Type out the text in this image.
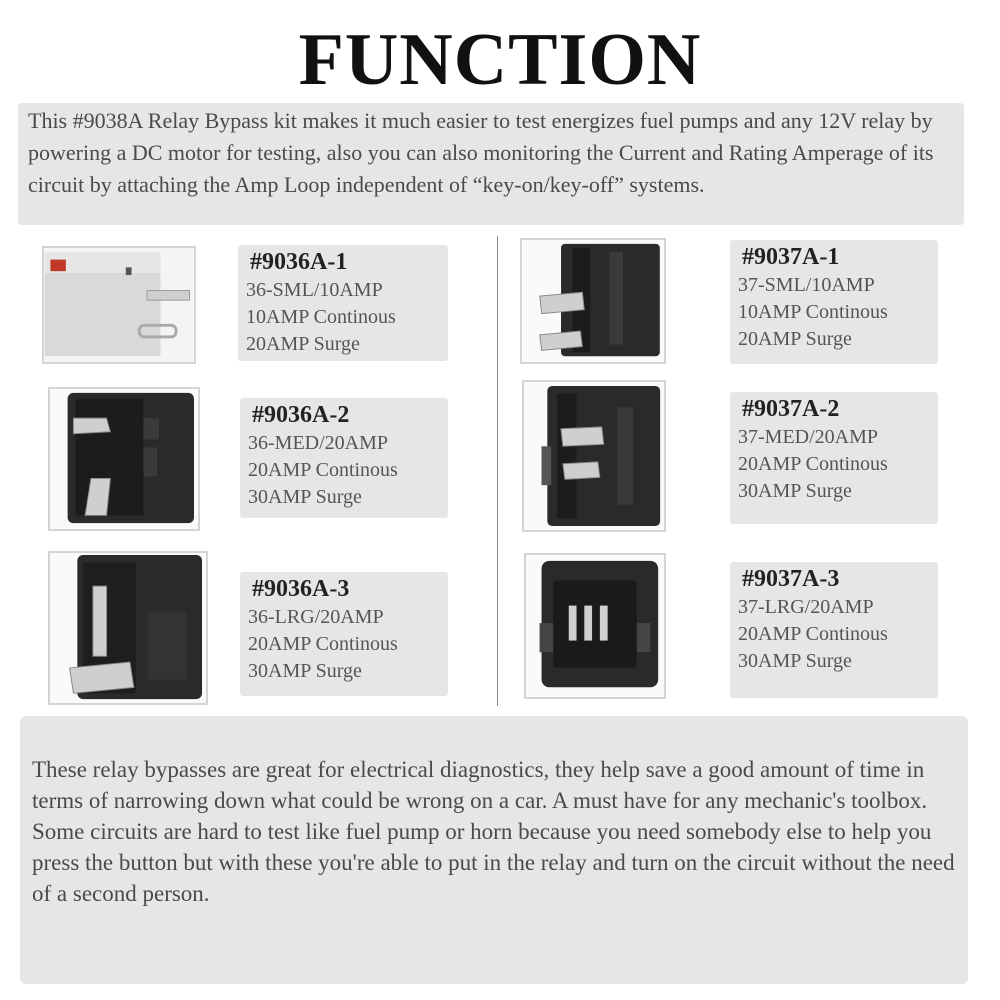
FUNCTION
This #9038A Relay Bypass kit makes it much easier to test energizes fuel pumps and any 12V relay by powering a DC motor for testing, also you can also monitoring the Current and Rating Amperage of its circuit by attaching the Amp Loop independent of “key-on/key-off” systems.
#9036A-1
36-SML/10AMP
10AMP Continous
20AMP Surge
#9036A-2
36-MED/20AMP
20AMP Continous
30AMP Surge
#9036A-3
36-LRG/20AMP
20AMP Continous
30AMP Surge
#9037A-1
37-SML/10AMP
10AMP Continous
20AMP Surge
#9037A-2
37-MED/20AMP
20AMP Continous
30AMP Surge
#9037A-3
37-LRG/20AMP
20AMP Continous
30AMP Surge

These relay bypasses are great for electrical diagnostics, they help save a good amount of time in terms of narrowing down what could be wrong on a car. A must have for any mechanic's toolbox.

Some circuits are hard to test like fuel pump or horn because you need somebody else to help you press the button but with these you're able to put in the relay and turn on the circuit without the need of a second person.
